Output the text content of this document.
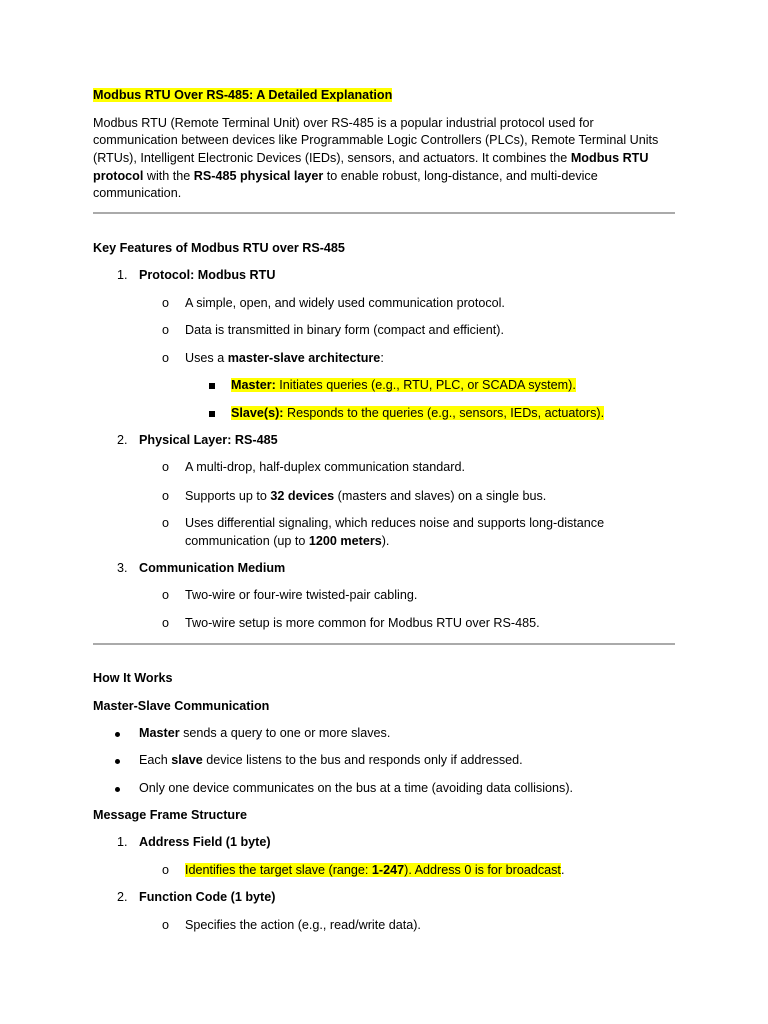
Modbus RTU Over RS-485: A Detailed Explanation
Modbus RTU (Remote Terminal Unit) over RS-485 is a popular industrial protocol used for
communication between devices like Programmable Logic Controllers (PLCs), Remote Terminal Units
(RTUs), Intelligent Electronic Devices (IEDs), sensors, and actuators. It combines the Modbus RTU
protocol with the RS-485 physical layer to enable robust, long-distance, and multi-device
communication.
Key Features of Modbus RTU over RS-485
1. Protocol: Modbus RTU
o A simple, open, and widely used communication protocol.
o Data is transmitted in binary form (compact and efficient).
o Uses a master-slave architecture:
Master: Initiates queries (e.g., RTU, PLC, or SCADA system).
Slave(s): Responds to the queries (e.g., sensors, IEDs, actuators).
2. Physical Layer: RS-485
o A multi-drop, half-duplex communication standard.
o Supports up to 32 devices (masters and slaves) on a single bus.
o Uses differential signaling, which reduces noise and supports long-distance
communication (up to 1200 meters).
3. Communication Medium
o Two-wire or four-wire twisted-pair cabling.
o Two-wire setup is more common for Modbus RTU over RS-485.
How It Works
Master-Slave Communication
Master sends a query to one or more slaves.
Each slave device listens to the bus and responds only if addressed.
Only one device communicates on the bus at a time (avoiding data collisions).
Message Frame Structure
1. Address Field (1 byte)
o Identifies the target slave (range: 1-247). Address 0 is for broadcast.
2. Function Code (1 byte)
o Specifies the action (e.g., read/write data).
